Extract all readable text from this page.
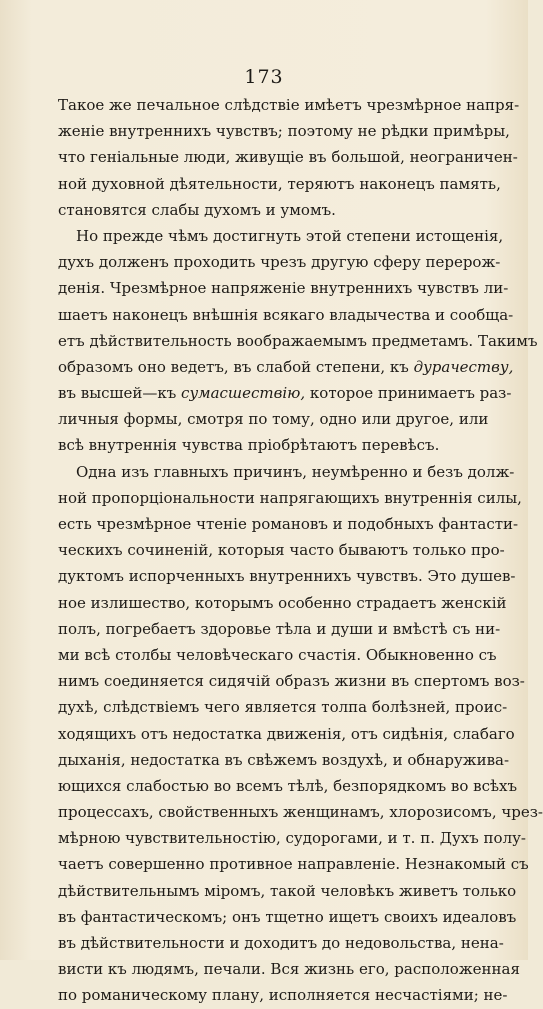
173
Такое же печальное слѣдствіе имѣетъ чрезмѣрное напря-
женіе внутреннихъ чувствъ; поэтому не рѣдки примѣры,
что геніальные люди, живущіе въ большой, неограничен-
ной духовной дѣятельности, теряютъ наконецъ память,
становятся слабы духомъ и умомъ.
Но прежде чѣмъ достигнуть этой степени истощенія,
духъ долженъ проходить чрезъ другую сферу перерож-
денія. Чрезмѣрное напряженіе внутреннихъ чувствъ ли-
шаетъ наконецъ внѣшнія всякаго владычества и сообща-
етъ дѣйствительность воображаемымъ предметамъ. Такимъ
образомъ оно ведетъ, въ слабой степени, къ дурачеству,
въ высшей—къ сумасшествію, которое принимаетъ раз-
личныя формы, смотря по тому, одно или другое, или
всѣ внутреннія чувства пріобрѣтаютъ перевѣсъ.
Одна изъ главныхъ причинъ, неумѣренно и безъ долж-
ной пропорціональности напрягающихъ внутреннія силы,
есть чрезмѣрное чтеніе романовъ и подобныхъ фантасти-
ческихъ сочиненій, которыя часто бываютъ только про-
дуктомъ испорченныхъ внутреннихъ чувствъ. Это душев-
ное излишество, которымъ особенно страдаетъ женскій
полъ, погребаетъ здоровье тѣла и души и вмѣстѣ съ ни-
ми всѣ столбы человѣческаго счастія. Обыкновенно съ
нимъ соединяется сидячій образъ жизни въ спертомъ воз-
духѣ, слѣдствіемъ чего является толпа болѣзней, проис-
ходящихъ отъ недостатка движенія, отъ сидѣнія, слабаго
дыханія, недостатка въ свѣжемъ воздухѣ, и обнаружива-
ющихся слабостью во всемъ тѣлѣ, безпорядкомъ во всѣхъ
процессахъ, свойственныхъ женщинамъ, хлорозисомъ, чрез-
мѣрною чувствительностію, судорогами, и т. п. Духъ полу-
чаетъ совершенно противное направленіе. Незнакомый съ
дѣйствительнымъ міромъ, такой человѣкъ живетъ только
въ фантастическомъ; онъ тщетно ищетъ своихъ идеаловъ
въ дѣйствительности и доходитъ до недовольства, нена-
висти къ людямъ, печали. Вся жизнь его, расположенная
по романическому плану, исполняется несчастіями; не-
